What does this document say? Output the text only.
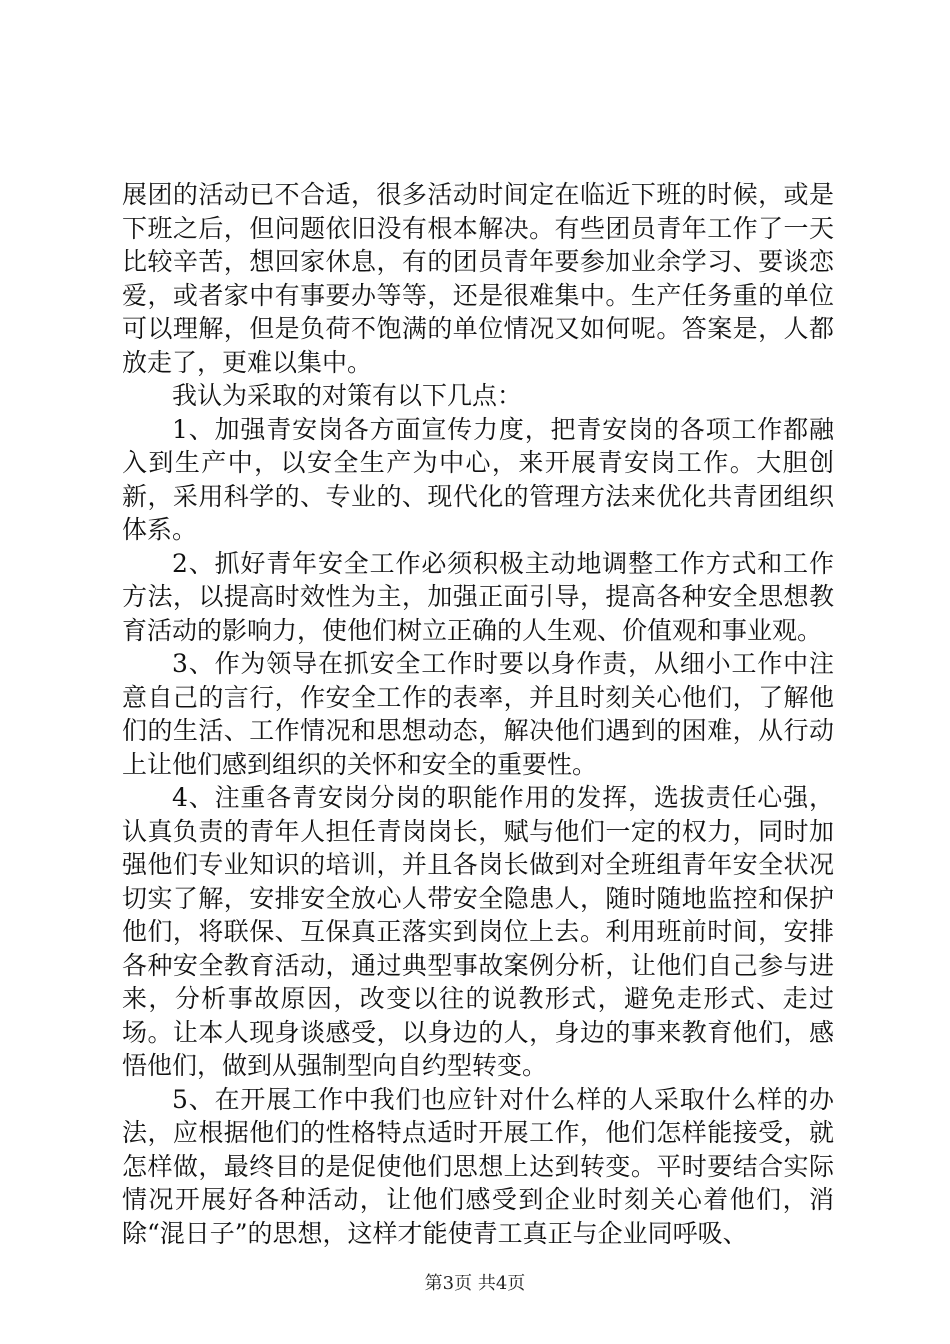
展团的活动已不合适，很多活动时间定在临近下班的时候，或是下班之后，但问题依旧没有根本解决。有些团员青年工作了一天比较辛苦，想回家休息，有的团员青年要参加业余学习、要谈恋爱，或者家中有事要办等等，还是很难集中。生产任务重的单位可以理解，但是负荷不饱满的单位情况又如何呢。答案是，人都放走了，更难以集中。

我认为采取的对策有以下几点：

1、加强青安岗各方面宣传力度，把青安岗的各项工作都融入到生产中，以安全生产为中心，来开展青安岗工作。大胆创新，采用科学的、专业的、现代化的管理方法来优化共青团组织体系。

2、抓好青年安全工作必须积极主动地调整工作方式和工作方法，以提高时效性为主，加强正面引导，提高各种安全思想教育活动的影响力，使他们树立正确的人生观、价值观和事业观。

3、作为领导在抓安全工作时要以身作责，从细小工作中注意自己的言行，作安全工作的表率，并且时刻关心他们，了解他们的生活、工作情况和思想动态，解决他们遇到的困难，从行动上让他们感到组织的关怀和安全的重要性。

4、注重各青安岗分岗的职能作用的发挥，选拔责任心强，认真负责的青年人担任青岗岗长，赋与他们一定的权力，同时加强他们专业知识的培训，并且各岗长做到对全班组青年安全状况切实了解，安排安全放心人带安全隐患人，随时随地监控和保护他们，将联保、互保真正落实到岗位上去。利用班前时间，安排各种安全教育活动，通过典型事故案例分析，让他们自己参与进来，分析事故原因，改变以往的说教形式，避免走形式、走过场。让本人现身谈感受，以身边的人，身边的事来教育他们，感悟他们，做到从强制型向自约型转变。

5、在开展工作中我们也应针对什么样的人采取什么样的办法，应根据他们的性格特点适时开展工作，他们怎样能接受，就怎样做，最终目的是促使他们思想上达到转变。平时要结合实际情况开展好各种活动，让他们感受到企业时刻关心着他们，消除“混日子”的思想，这样才能使青工真正与企业同呼吸、

第3页 共4页
